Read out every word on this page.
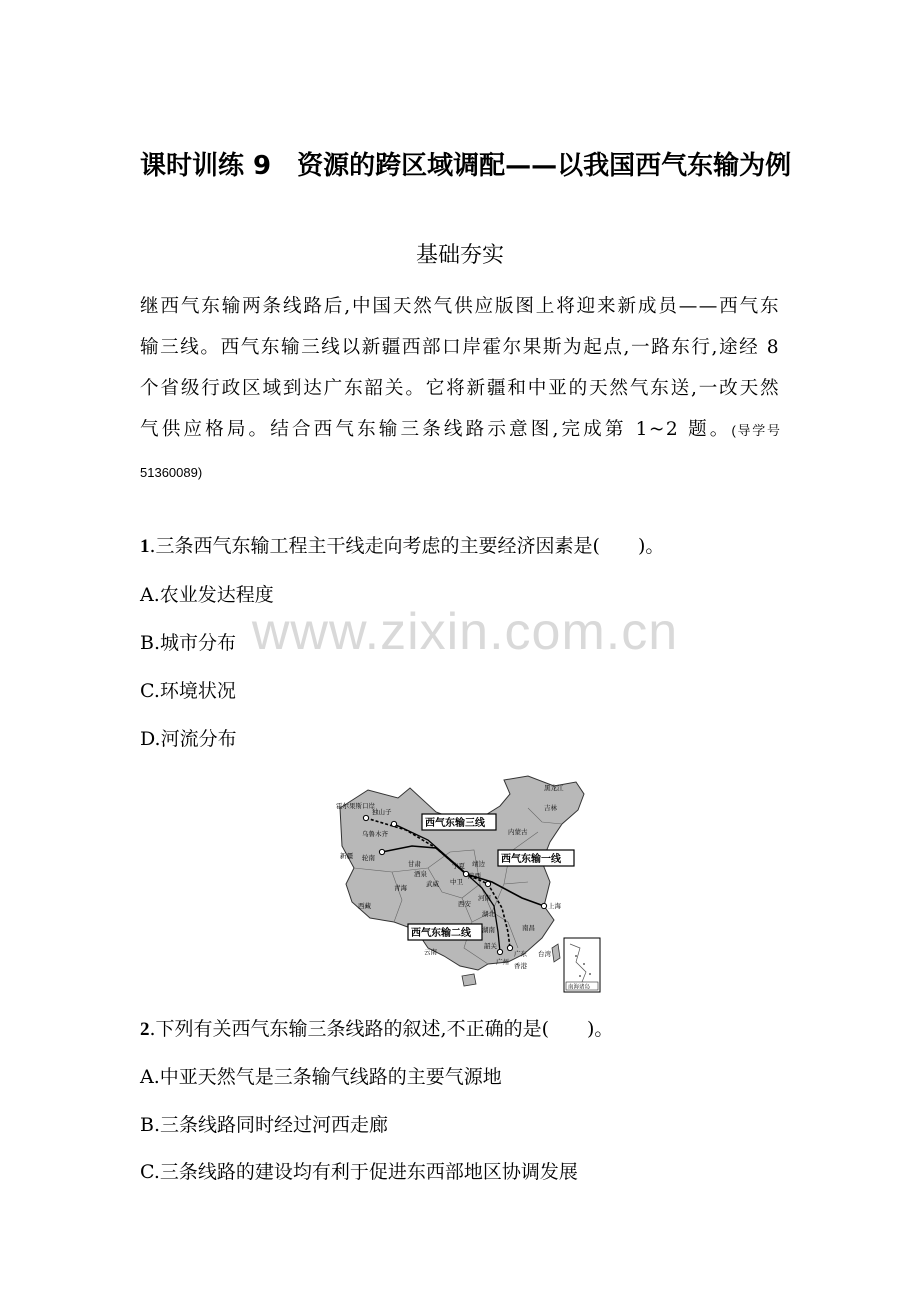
课时训练 9　资源的跨区域调配——以我国西气东输为例
基础夯实
继西气东输两条线路后,中国天然气供应版图上将迎来新成员——西气东输三线。西气东输三线以新疆西部口岸霍尔果斯为起点,一路东行,途经 8 个省级行政区域到达广东韶关。它将新疆和中亚的天然气东送,一改天然气供应格局。结合西气东输三条线路示意图,完成第 1~2 题。(导学号 51360089)
1.三条西气东输工程主干线走向考虑的主要经济因素是(　　)。
A.农业发达程度
B.城市分布
C.环境状况
D.河流分布
www.zixin.com.cn
西气东输三线
西气东输一线
西气东输二线
霍尔果斯口岸
独山子
乌鲁木齐
新疆 轮南
西藏
青海
甘肃
酒泉
武威 中卫
宁夏
陕西
靖边
西安
河南
湖北
湖南	南昌
上海
广东
广州
韶关
香港
云南	台湾
黑龙江
吉林
内蒙古
南海诸岛
2.下列有关西气东输三条线路的叙述,不正确的是(　　)。
A.中亚天然气是三条输气线路的主要气源地
B.三条线路同时经过河西走廊
C.三条线路的建设均有利于促进东西部地区协调发展
